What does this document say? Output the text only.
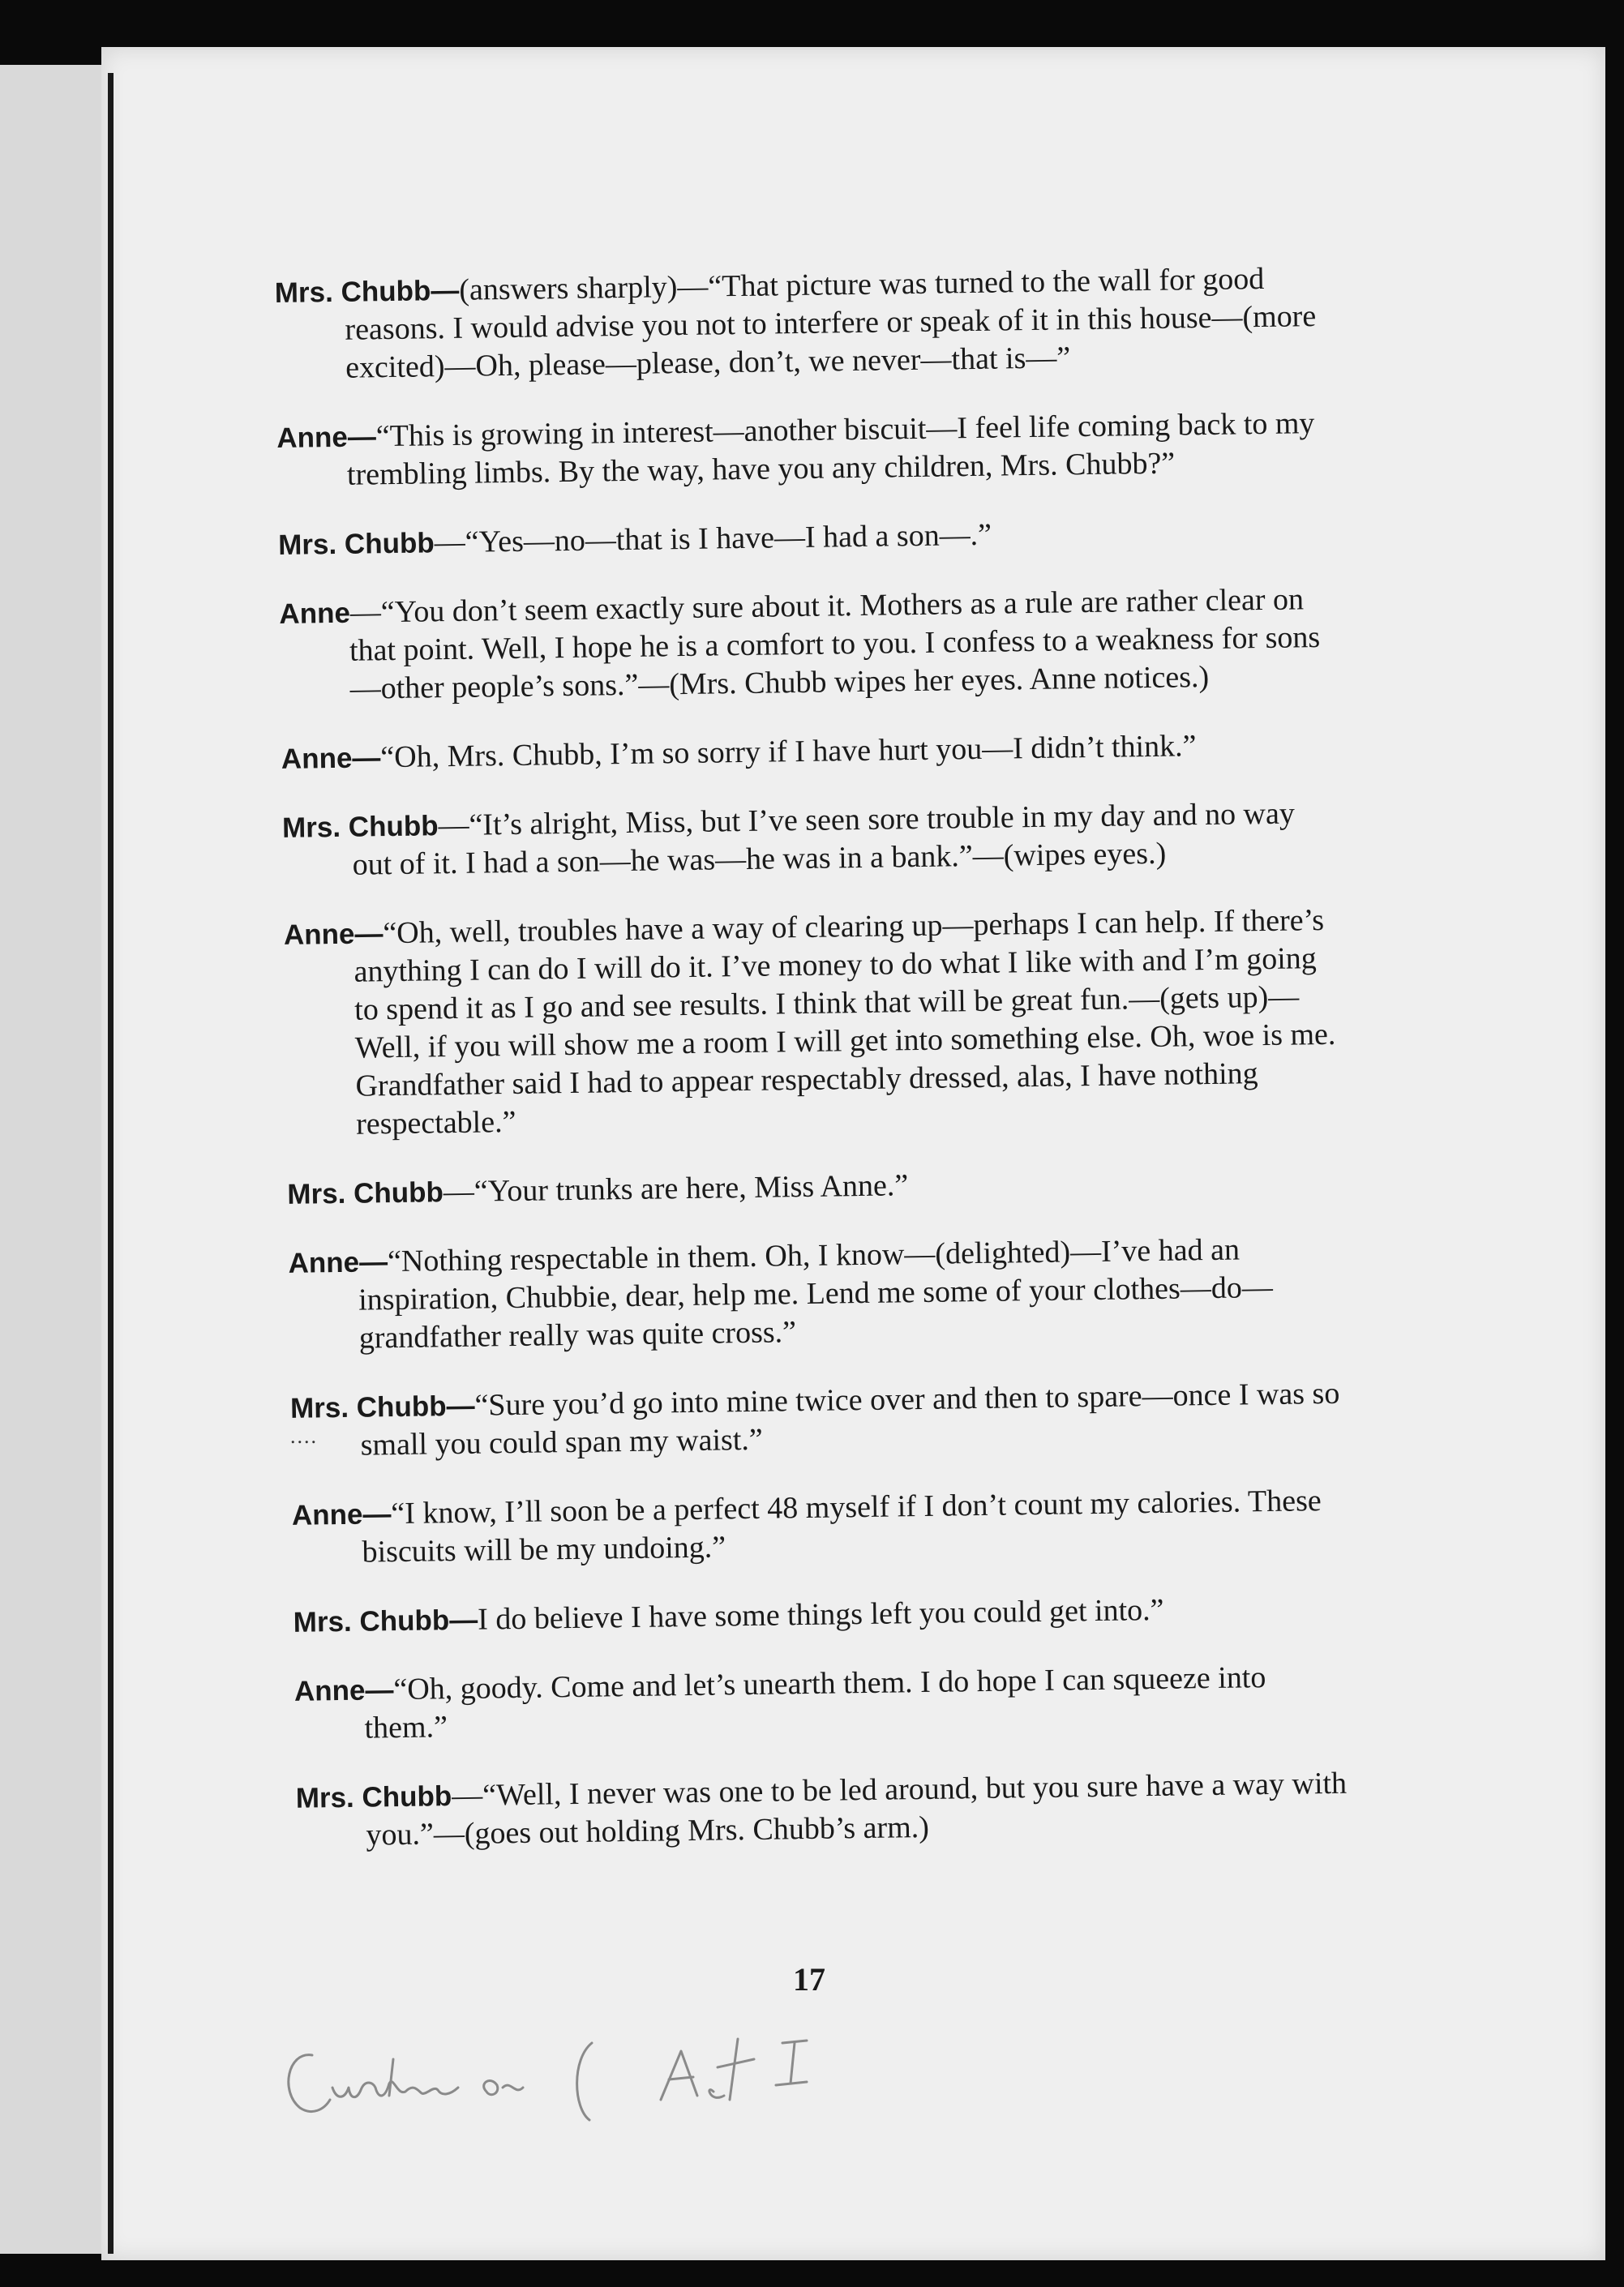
Mrs. Chubb—(answers sharply)—“That picture was turned to the wall for good reasons. I would advise you not to interfere or speak of it in this house—(more excited)—Oh, please—please, don’t, we never—that is—”

Anne—“This is growing in interest—another biscuit—I feel life coming back to my trembling limbs. By the way, have you any children, Mrs. Chubb?”

Mrs. Chubb—“Yes—no—that is I have—I had a son—.”

Anne—“You don’t seem exactly sure about it. Mothers as a rule are rather clear on that point. Well, I hope he is a comfort to you. I confess to a weakness for sons—other people’s sons.”—(Mrs. Chubb wipes her eyes. Anne notices.)

Anne—“Oh, Mrs. Chubb, I’m so sorry if I have hurt you—I didn’t think.”

Mrs. Chubb—“It’s alright, Miss, but I’ve seen sore trouble in my day and no way out of it. I had a son—he was—he was in a bank.”—(wipes eyes.)

Anne—“Oh, well, troubles have a way of clearing up—perhaps I can help. If there’s anything I can do I will do it. I’ve money to do what I like with and I’m going to spend it as I go and see results. I think that will be great fun.—(gets up)—Well, if you will show me a room I will get into something else. Oh, woe is me. Grandfather said I had to appear respectably dressed, alas, I have nothing respectable.”

Mrs. Chubb—“Your trunks are here, Miss Anne.”

Anne—“Nothing respectable in them. Oh, I know—(delighted)—I’ve had an inspiration, Chubbie, dear, help me. Lend me some of your clothes—do—grandfather really was quite cross.”

Mrs. Chubb—“Sure you’d go into mine twice over and then to spare—once I was so small you could span my waist.”

Anne—“I know, I’ll soon be a perfect 48 myself if I don’t count my calories. These biscuits will be my undoing.”

Mrs. Chubb—I do believe I have some things left you could get into.”

Anne—“Oh, goody. Come and let’s unearth them. I do hope I can squeeze into them.”

Mrs. Chubb—“Well, I never was one to be led around, but you sure have a way with you.”—(goes out holding Mrs. Chubb’s arm.)

....
17
